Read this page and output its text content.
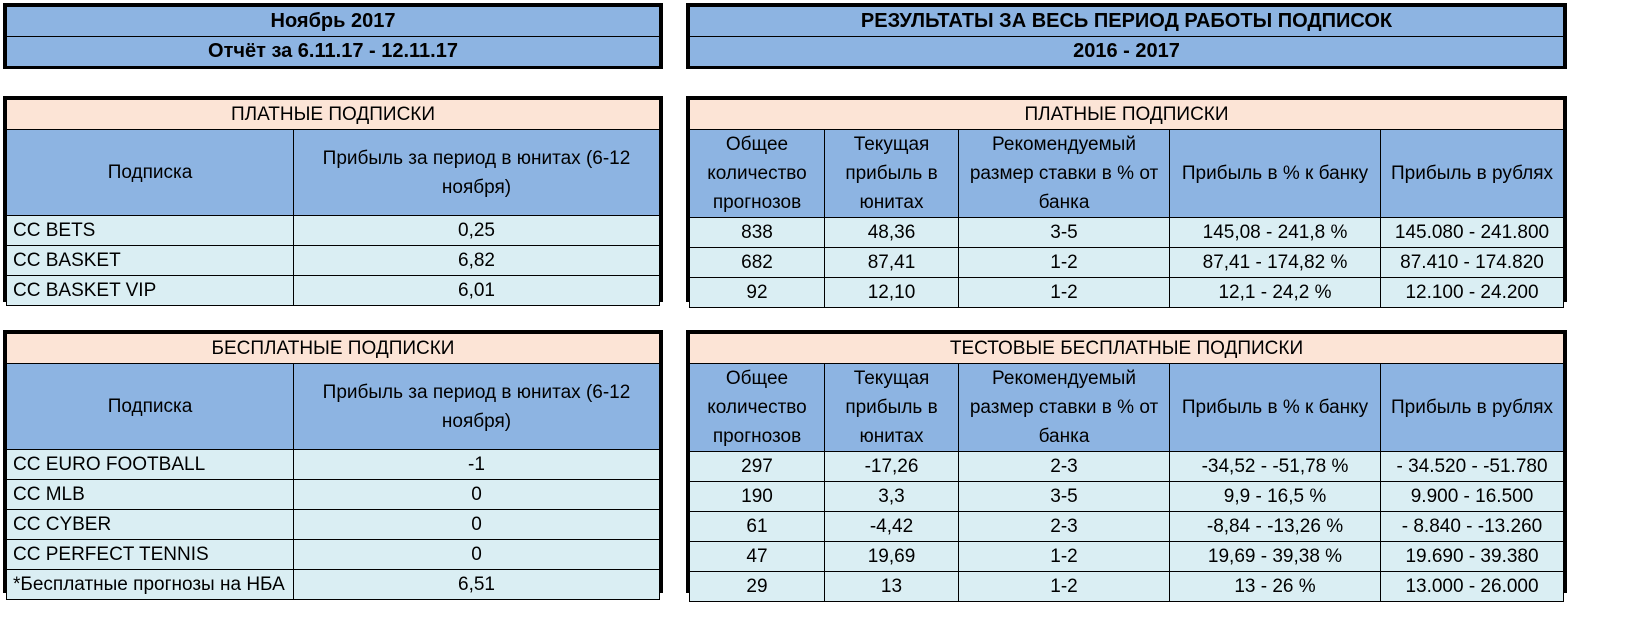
Ноябрь 2017
Отчёт за 6.11.17 - 12.11.17
РЕЗУЛЬТАТЫ ЗА ВЕСЬ ПЕРИОД РАБОТЫ ПОДПИСОК
2016 - 2017
ПЛАТНЫЕ ПОДПИСКИ	
Подписка	Прибыль за период в юнитах (6-12 ноября)
CC BETS	0,25
CC BASKET	6,82
CC BASKET VIP	6,01
ПЛАТНЫЕ ПОДПИСКИ				
Общее количество прогнозов	Текущая прибыль в юнитах	Рекомендуемый размер ставки в % от банка	Прибыль в % к банку	Прибыль в рублях
838	48,36	3-5	145,08 - 241,8 %	145.080 - 241.800
682	87,41	1-2	87,41 - 174,82 %	87.410 - 174.820
92	12,10	1-2	12,1 - 24,2 %	12.100 - 24.200
БЕСПЛАТНЫЕ ПОДПИСКИ	
Подписка	Прибыль за период в юнитах (6-12 ноября)
CC EURO FOOTBALL	-1
CC MLB	0
CC CYBER	0
CC PERFECT TENNIS	0
*Бесплатные прогнозы на НБА	6,51
ТЕСТОВЫЕ БЕСПЛАТНЫЕ ПОДПИСКИ				
Общее количество прогнозов	Текущая прибыль в юнитах	Рекомендуемый размер ставки в % от банка	Прибыль в % к банку	Прибыль в рублях
297	-17,26	2-3	-34,52 - -51,78 %	- 34.520 - -51.780
190	3,3	3-5	9,9 - 16,5 %	9.900 - 16.500
61	-4,42	2-3	-8,84 - -13,26 %	- 8.840 - -13.260
47	19,69	1-2	19,69 - 39,38 %	19.690 - 39.380
29	13	1-2	13 - 26 %	13.000 - 26.000
